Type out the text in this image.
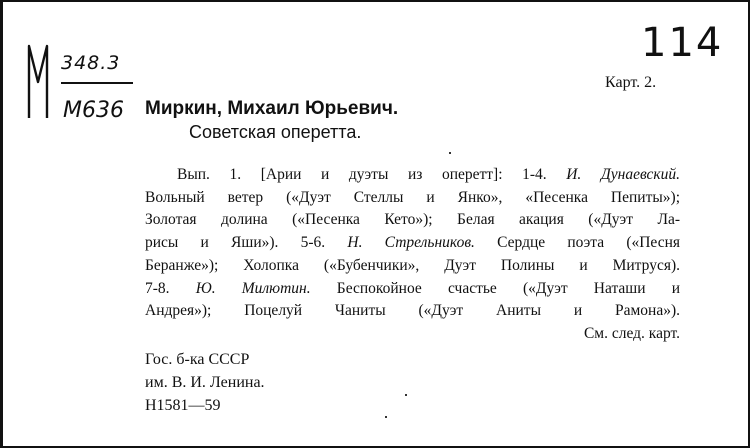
348.3
M636
114
Карт. 2.
Миркин, Михаил Юрьевич.
Советская оперетта.
Вып. 1. [Арии и дуэты из оперетт]: 1-4. И. Дунаевский.
Вольный ветер («Дуэт Стеллы и Янко», «Песенка Пепиты»);
Золотая долина («Песенка Кето»); Белая акация («Дуэт Ла-
рисы и Яши»). 5-6. Н. Стрельников. Сердце поэта («Песня
Беранже»); Холопка («Бубенчики», Дуэт Полины и Митруся).
7-8. Ю. Милютин. Беспокойное счастье («Дуэт Наташи и
Андрея»); Поцелуй Чаниты («Дуэт Аниты и Рамона»).
См. след. карт.
Гос. б-ка СССР
им. В. И. Ленина.
Н1581—59
